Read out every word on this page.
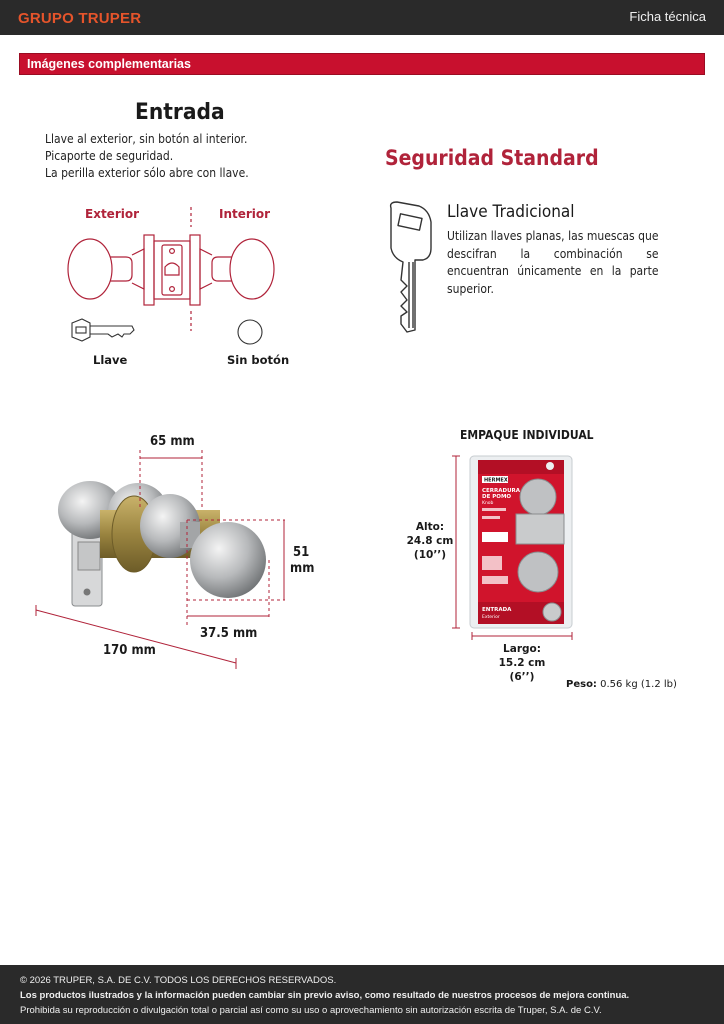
GRUPO TRUPER	Ficha técnica
Imágenes complementarias
Entrada
Llave al exterior, sin botón al interior.
Picaporte de seguridad.
La perilla exterior sólo abre con llave.
Exterior	Interior
Llave	Sin botón
Seguridad Standard
Llave Tradicional
Utilizan llaves planas, las muescas que descifran la combinación se encuentran únicamente en la parte superior.
65 mm
51
mm
37.5 mm
170 mm
EMPAQUE INDIVIDUAL
HERMEX
CERRADURA
DE POMO
Knob
ENTRADA
Exterior
Alto:
24.8 cm
(10’’)
Largo:
15.2 cm
(6’’)
Peso: 0.56 kg (1.2 lb)

© 2026 TRUPER, S.A. DE C.V. TODOS LOS DERECHOS RESERVADOS.

Los productos ilustrados y la información pueden cambiar sin previo aviso, como resultado de nuestros procesos de mejora continua.

Prohibida su reproducción o divulgación total o parcial así como su uso o aprovechamiento sin autorización escrita de Truper, S.A. de C.V.
